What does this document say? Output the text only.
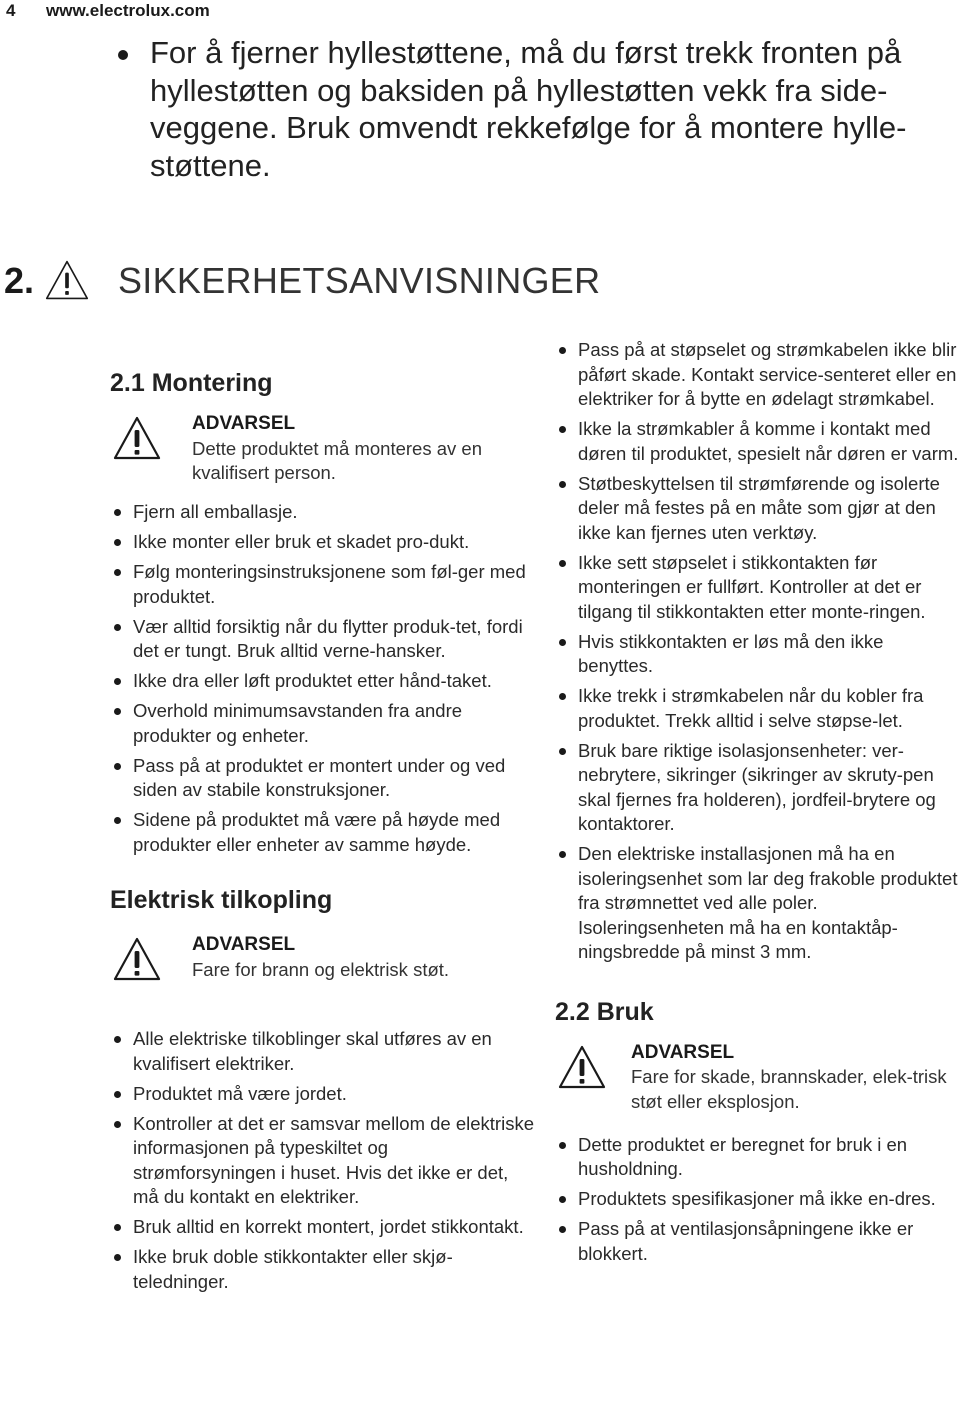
4	www.electrolux.com
For å fjerner hyllestøttene, må du først trekk fronten på hyllestøtten og baksiden på hyllestøtten vekk fra side-veggene. Bruk omvendt rekkefølge for å montere hylle-støttene.
2. SIKKERHETSANVISNINGER
2.1 Montering
ADVARSEL
Dette produktet må monteres av en kvalifisert person.
Fjern all emballasje.
Ikke monter eller bruk et skadet pro-dukt.
Følg monteringsinstruksjonene som føl-ger med produktet.
Vær alltid forsiktig når du flytter produk-tet, fordi det er tungt. Bruk alltid verne-hansker.
Ikke dra eller løft produktet etter hånd-taket.
Overhold minimumsavstanden fra andre produkter og enheter.
Pass på at produktet er montert under og ved siden av stabile konstruksjoner.
Sidene på produktet må være på høyde med produkter eller enheter av samme høyde.
Elektrisk tilkopling
ADVARSEL
Fare for brann og elektrisk støt.
Alle elektriske tilkoblinger skal utføres av en kvalifisert elektriker.
Produktet må være jordet.
Kontroller at det er samsvar mellom de elektriske informasjonen på typeskiltet og strømforsyningen i huset. Hvis det ikke er det, må du kontakt en elektriker.
Bruk alltid en korrekt montert, jordet stikkontakt.
Ikke bruk doble stikkontakter eller skjø-teledninger.
Pass på at støpselet og strømkabelen ikke blir påført skade. Kontakt service-senteret eller en elektriker for å bytte en ødelagt strømkabel.
Ikke la strømkabler å komme i kontakt med døren til produktet, spesielt når døren er varm.
Støtbeskyttelsen til strømførende og isolerte deler må festes på en måte som gjør at den ikke kan fjernes uten verktøy.
Ikke sett støpselet i stikkontakten før monteringen er fullført. Kontroller at det er tilgang til stikkontakten etter monte-ringen.
Hvis stikkontakten er løs må den ikke benyttes.
Ikke trekk i strømkabelen når du kobler fra produktet. Trekk alltid i selve støpse-let.
Bruk bare riktige isolasjonsenheter: ver-nebrytere, sikringer (sikringer av skruty-pen skal fjernes fra holderen), jordfeil-brytere og kontaktorer.
Den elektriske installasjonen må ha en isoleringsenhet som lar deg frakoble produktet fra strømnettet ved alle poler. Isoleringsenheten må ha en kontaktåp-ningsbredde på minst 3 mm.
2.2 Bruk
ADVARSEL
Fare for skade, brannskader, elek-trisk støt eller eksplosjon.
Dette produktet er beregnet for bruk i en husholdning.
Produktets spesifikasjoner må ikke en-dres.
Pass på at ventilasjonsåpningene ikke er blokkert.
